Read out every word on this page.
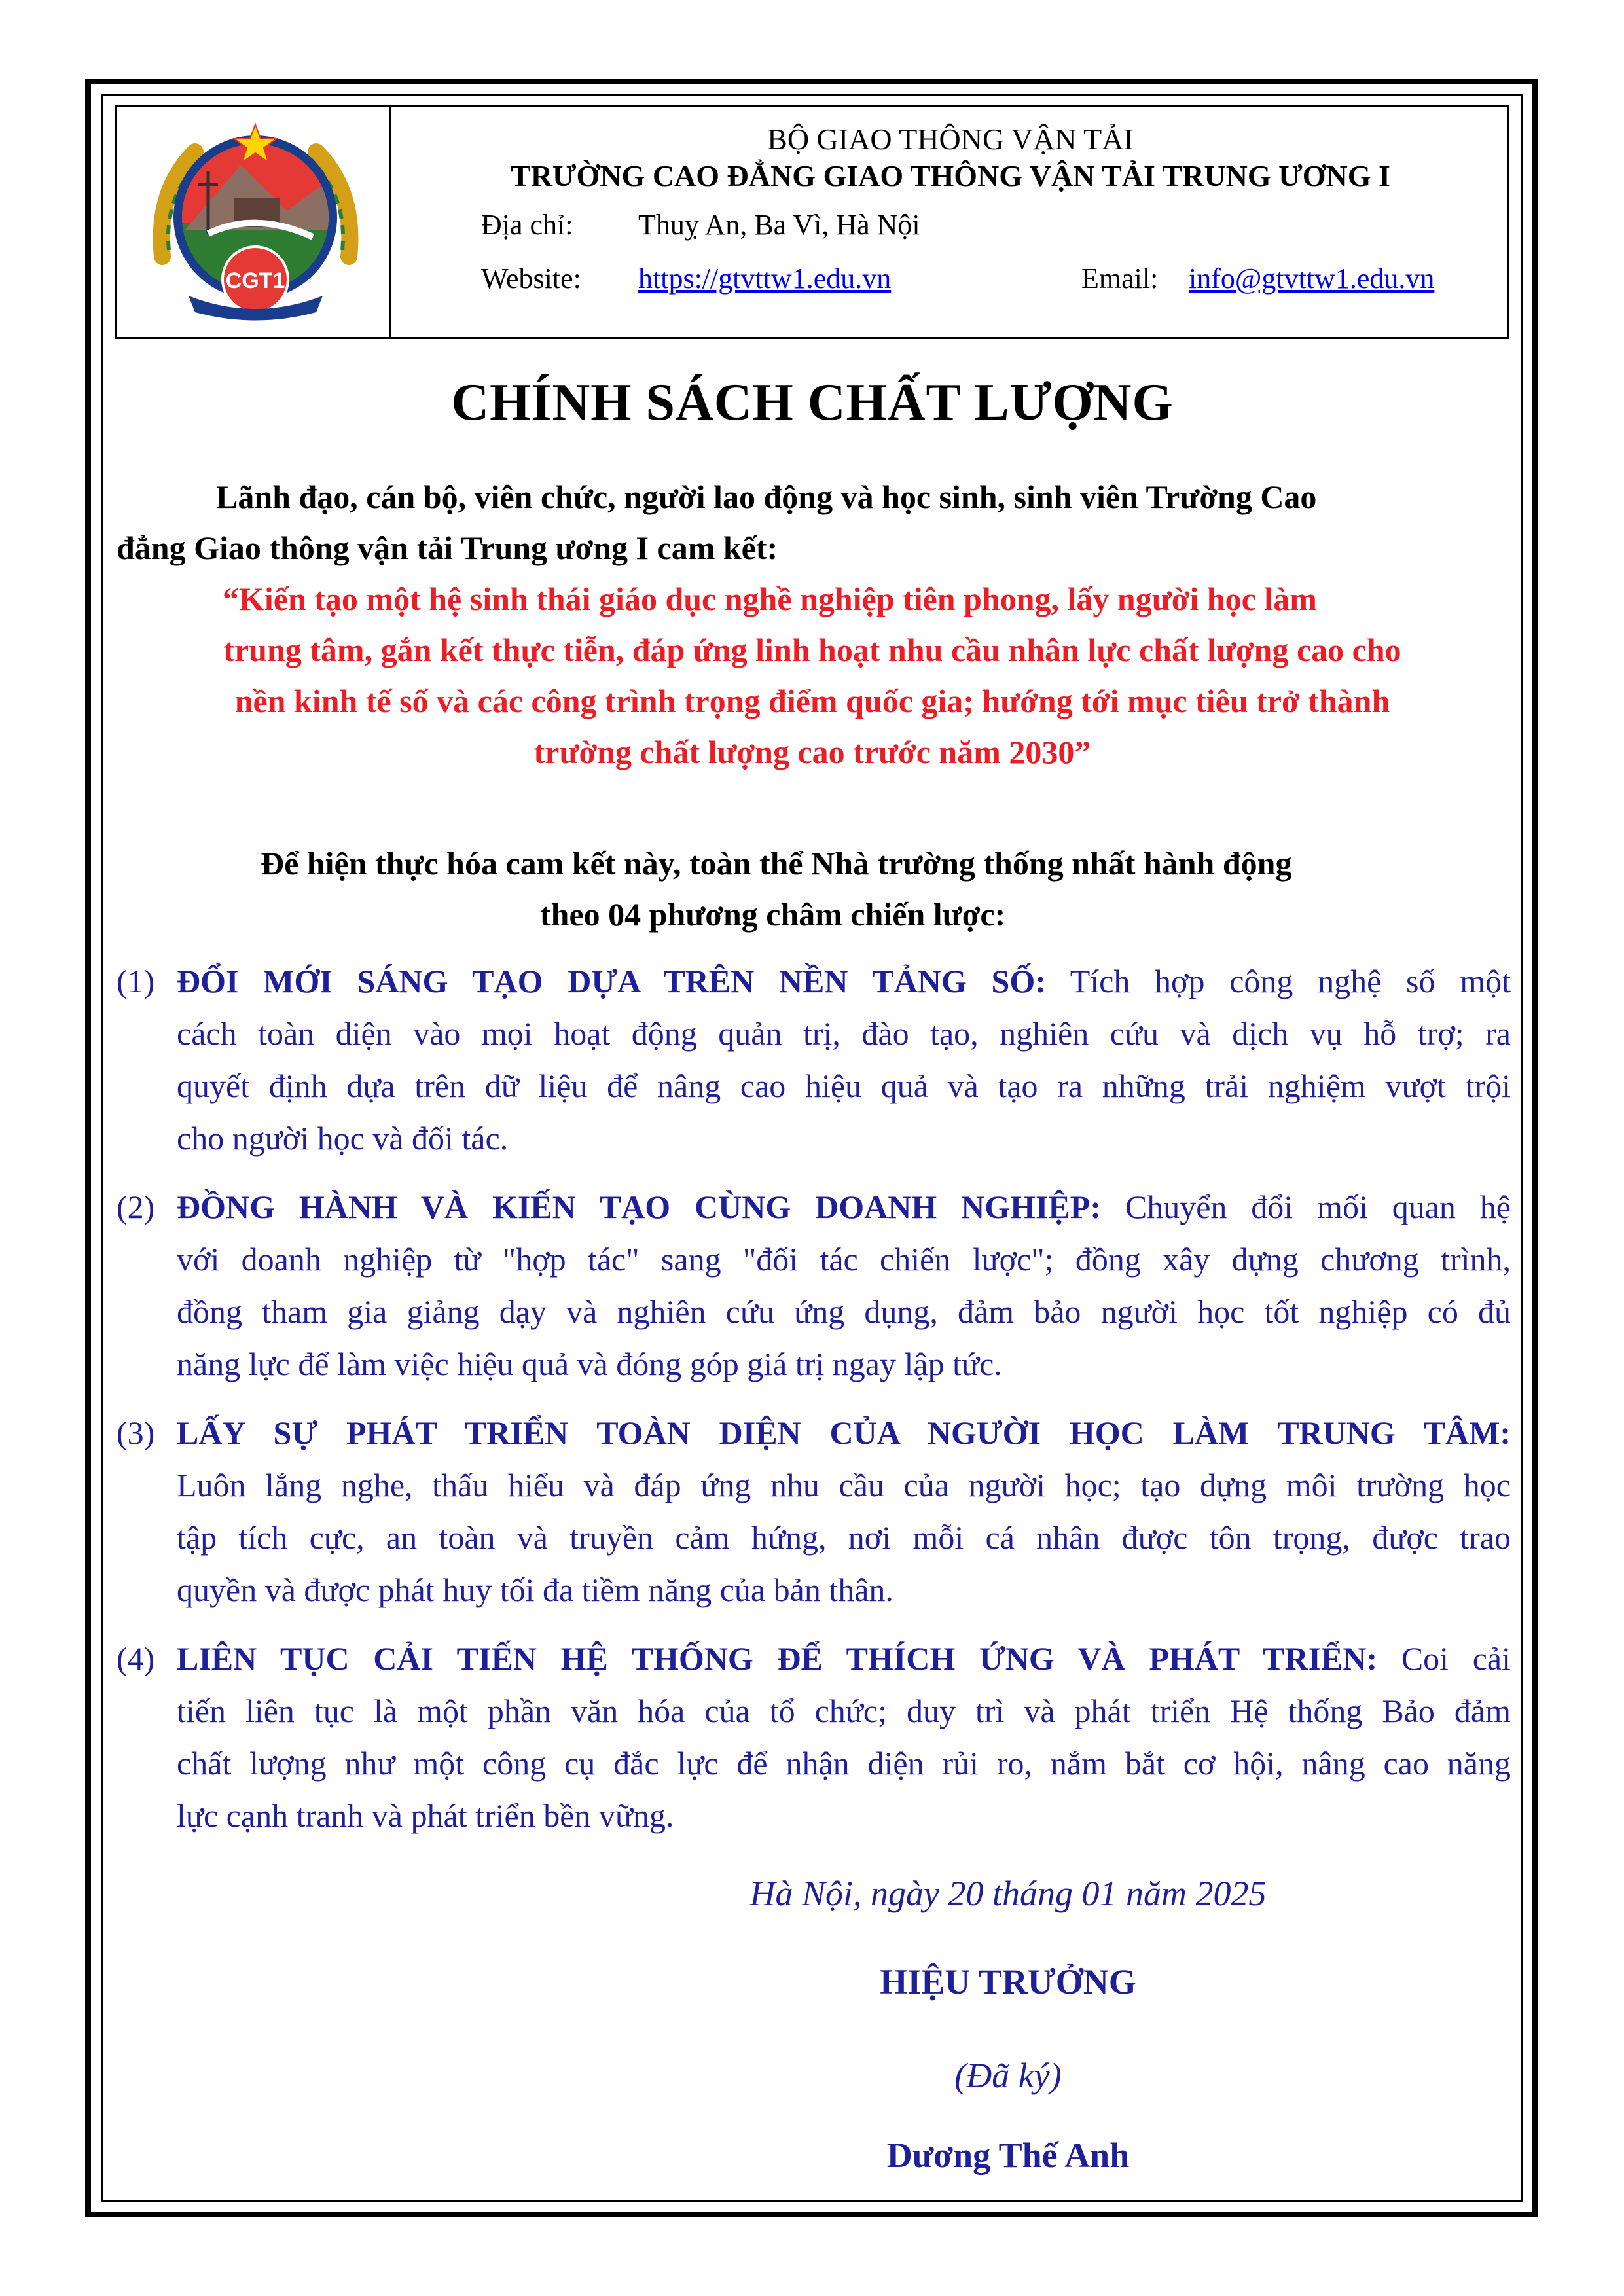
CGT1
BỘ GIAO THÔNG VẬN TẢI
TRƯỜNG CAO ĐẲNG GIAO THÔNG VẬN TẢI TRUNG ƯƠNG I
Địa chỉ: Thuỵ An, Ba Vì, Hà Nội
Website: https://gtvttw1.edu.vn	Email: info@gtvttw1.edu.vn
CHÍNH SÁCH CHẤT LƯỢNG
Lãnh đạo, cán bộ, viên chức, người lao động và học sinh, sinh viên Trường Cao
đẳng Giao thông vận tải Trung ương I cam kết:
“Kiến tạo một hệ sinh thái giáo dục nghề nghiệp tiên phong, lấy người học làm
trung tâm, gắn kết thực tiễn, đáp ứng linh hoạt nhu cầu nhân lực chất lượng cao cho
nền kinh tế số và các công trình trọng điểm quốc gia; hướng tới mục tiêu trở thành
trường chất lượng cao trước năm 2030”
Để hiện thực hóa cam kết này, toàn thể Nhà trường thống nhất hành động
theo 04 phương châm chiến lược:
(1) ĐỔI MỚI SÁNG TẠO DỰA TRÊN NỀN TẢNG SỐ: Tích hợp công nghệ số một
cách toàn diện vào mọi hoạt động quản trị, đào tạo, nghiên cứu và dịch vụ hỗ trợ; ra
quyết định dựa trên dữ liệu để nâng cao hiệu quả và tạo ra những trải nghiệm vượt trội
cho người học và đối tác.
(2) ĐỒNG HÀNH VÀ KIẾN TẠO CÙNG DOANH NGHIỆP: Chuyển đổi mối quan hệ
với doanh nghiệp từ "hợp tác" sang "đối tác chiến lược"; đồng xây dựng chương trình,
đồng tham gia giảng dạy và nghiên cứu ứng dụng, đảm bảo người học tốt nghiệp có đủ
năng lực để làm việc hiệu quả và đóng góp giá trị ngay lập tức.
(3) LẤY SỰ PHÁT TRIỂN TOÀN DIỆN CỦA NGƯỜI HỌC LÀM TRUNG TÂM:
Luôn lắng nghe, thấu hiểu và đáp ứng nhu cầu của người học; tạo dựng môi trường học
tập tích cực, an toàn và truyền cảm hứng, nơi mỗi cá nhân được tôn trọng, được trao
quyền và được phát huy tối đa tiềm năng của bản thân.
(4) LIÊN TỤC CẢI TIẾN HỆ THỐNG ĐỂ THÍCH ỨNG VÀ PHÁT TRIỂN: Coi cải
tiến liên tục là một phần văn hóa của tổ chức; duy trì và phát triển Hệ thống Bảo đảm
chất lượng như một công cụ đắc lực để nhận diện rủi ro, nắm bắt cơ hội, nâng cao năng
lực cạnh tranh và phát triển bền vững.
Hà Nội, ngày 20 tháng 01 năm 2025
HIỆU TRƯỞNG
(Đã ký)
Dương Thế Anh
